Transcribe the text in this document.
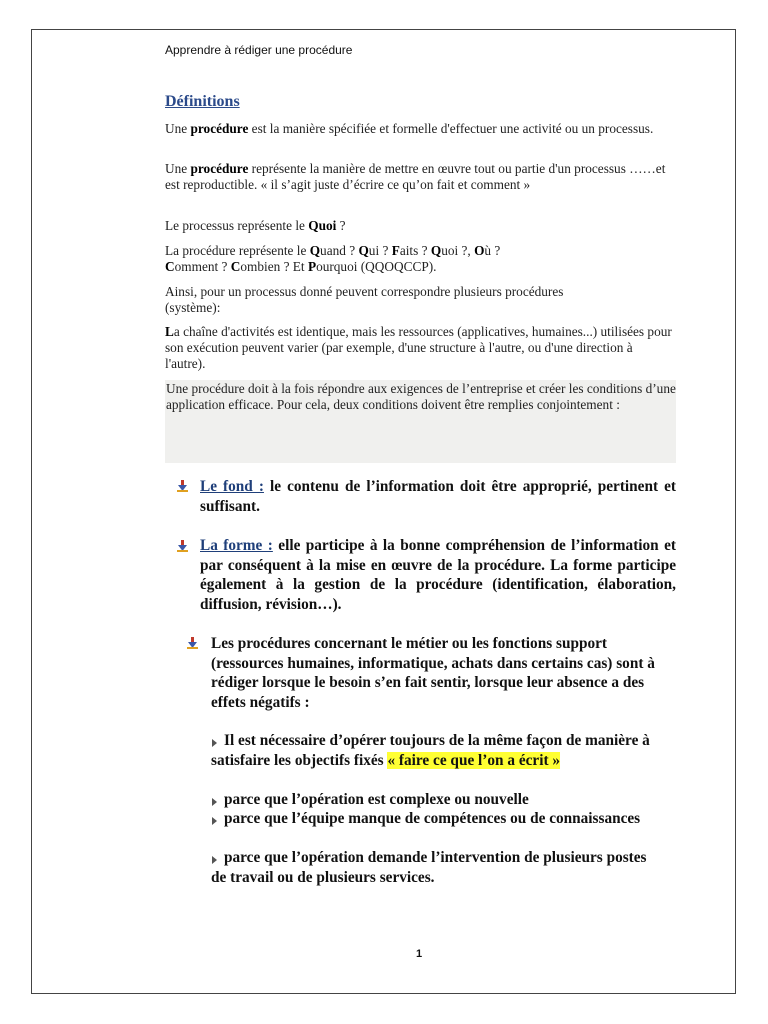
Apprendre à rédiger une procédure
Définitions
Une procédure est la manière spécifiée et formelle d'effectuer une activité ou un processus.
Une procédure représente la manière de mettre en œuvre tout ou partie d'un processus ……et est reproductible. « il s’agit juste d’écrire ce qu’on fait et comment »
Le processus représente le Quoi ?
La procédure représente le Quand ? Qui ? Faits ? Quoi ?, Où ?
Comment ? Combien ? Et Pourquoi (QQOQCCP).
Ainsi, pour un processus donné peuvent correspondre plusieurs procédures (système):
La chaîne d'activités est identique, mais les ressources (applicatives, humaines...) utilisées pour son exécution peuvent varier (par exemple, d'une structure à l'autre, ou d'une direction à l'autre).
Une procédure doit à la fois répondre aux exigences de l’entreprise et créer les conditions d’une application efficace. Pour cela, deux conditions doivent être remplies conjointement :
Le fond : le contenu de l’information doit être approprié, pertinent et suffisant.
La forme : elle participe à la bonne compréhension de l’information et par conséquent à la mise en œuvre de la procédure. La forme participe également à la gestion de la procédure (identification, élaboration, diffusion, révision…).
Les procédures concernant le métier ou les fonctions support (ressources humaines, informatique, achats dans certains cas) sont à rédiger lorsque le besoin s’en fait sentir, lorsque leur absence a des effets négatifs :
Il est nécessaire d’opérer toujours de la même façon de manière à satisfaire les objectifs fixés « faire ce que l’on a écrit »
parce que l’opération est complexe ou nouvelle
parce que l’équipe manque de compétences ou de connaissances
parce que l’opération demande l’intervention de plusieurs postes de travail ou de plusieurs services.
1
